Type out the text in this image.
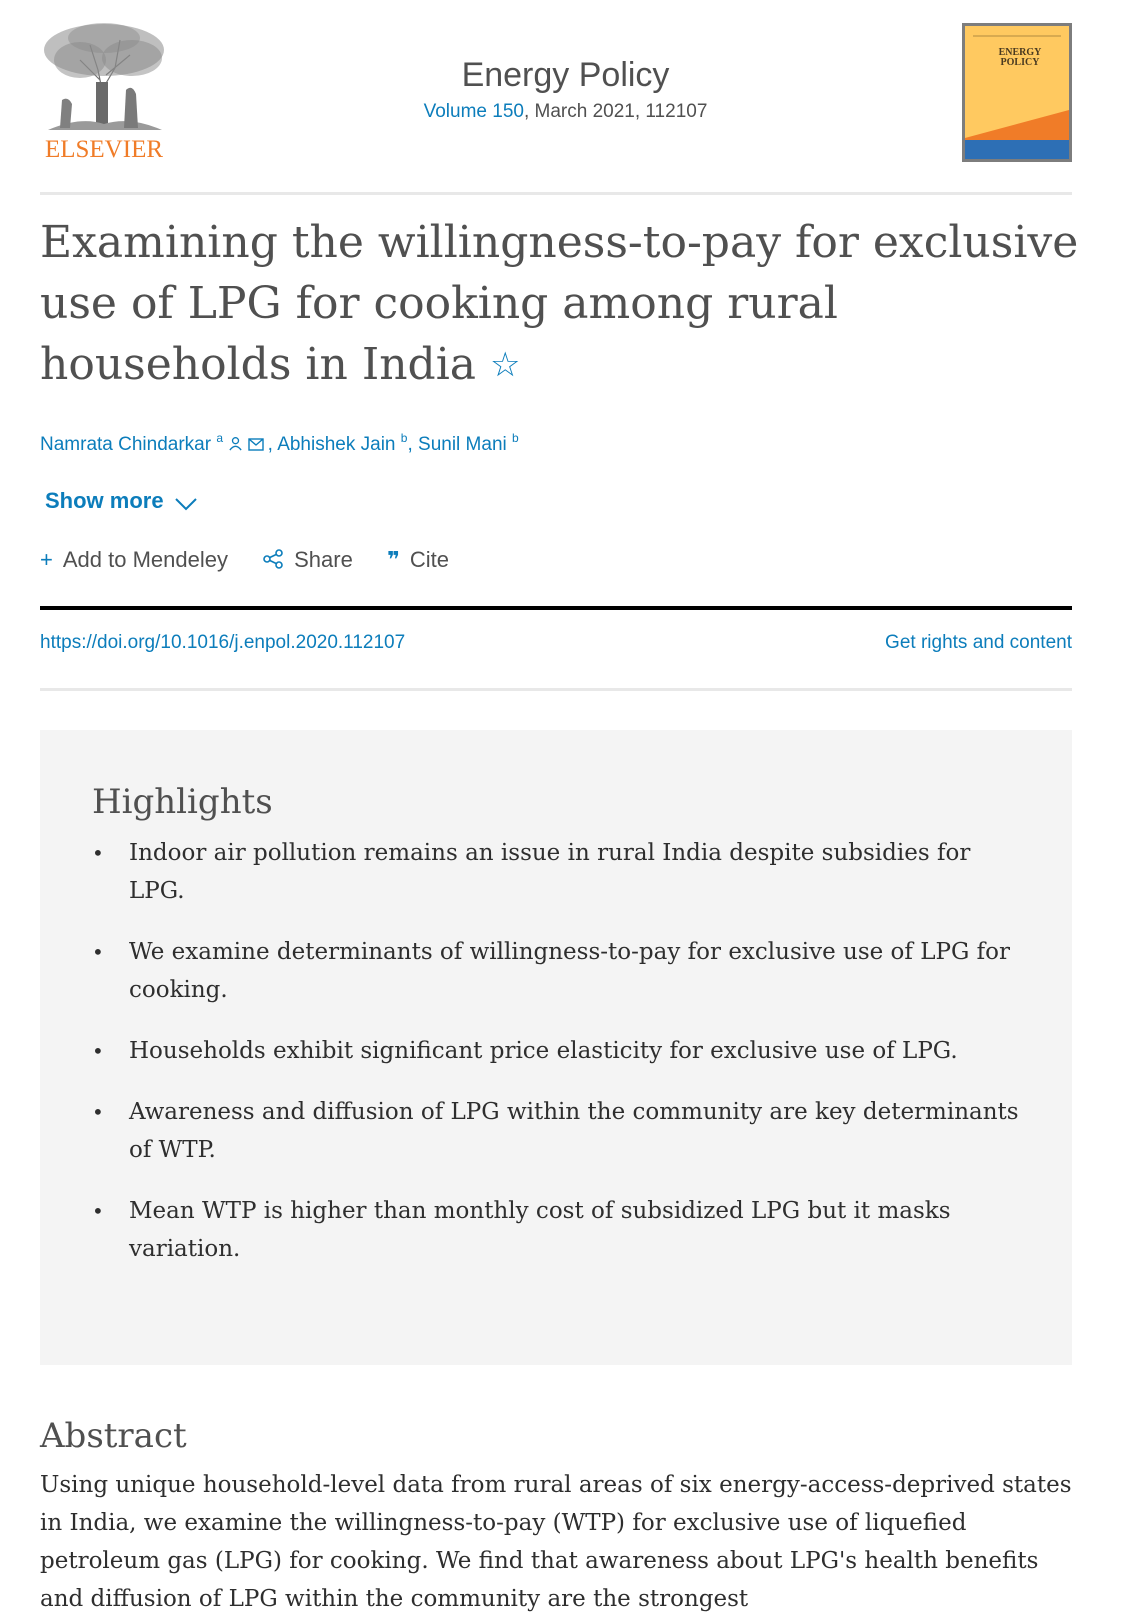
ELSEVIER
Energy Policy
Volume 150, March 2021, 112107
ENERGY POLICY
Examining the willingness-to-pay for exclusive use of LPG for cooking among rural households in India ☆
Namrata Chindarkar $^a$ , Abhishek Jain $^b$, Sunil Mani $^b$
Show more
+ Add to Mendeley	Share ❞ Cite
https://doi.org/10.1016/j.enpol.2020.112107	Get rights and content
Highlights
• Indoor air pollution remains an issue in rural India despite subsidies for LPG.
• We examine determinants of willingness-to-pay for exclusive use of LPG for cooking.
• Households exhibit significant price elasticity for exclusive use of LPG.
• Awareness and diffusion of LPG within the community are key determinants of WTP.
• Mean WTP is higher than monthly cost of subsidized LPG but it masks variation.
Abstract

Using unique household-level data from rural areas of six energy-access-deprived states in India, we examine the willingness-to-pay (WTP) for exclusive use of liquefied petroleum gas (LPG) for cooking. We find that awareness about LPG's health benefits and diffusion of LPG within the community are the strongest
